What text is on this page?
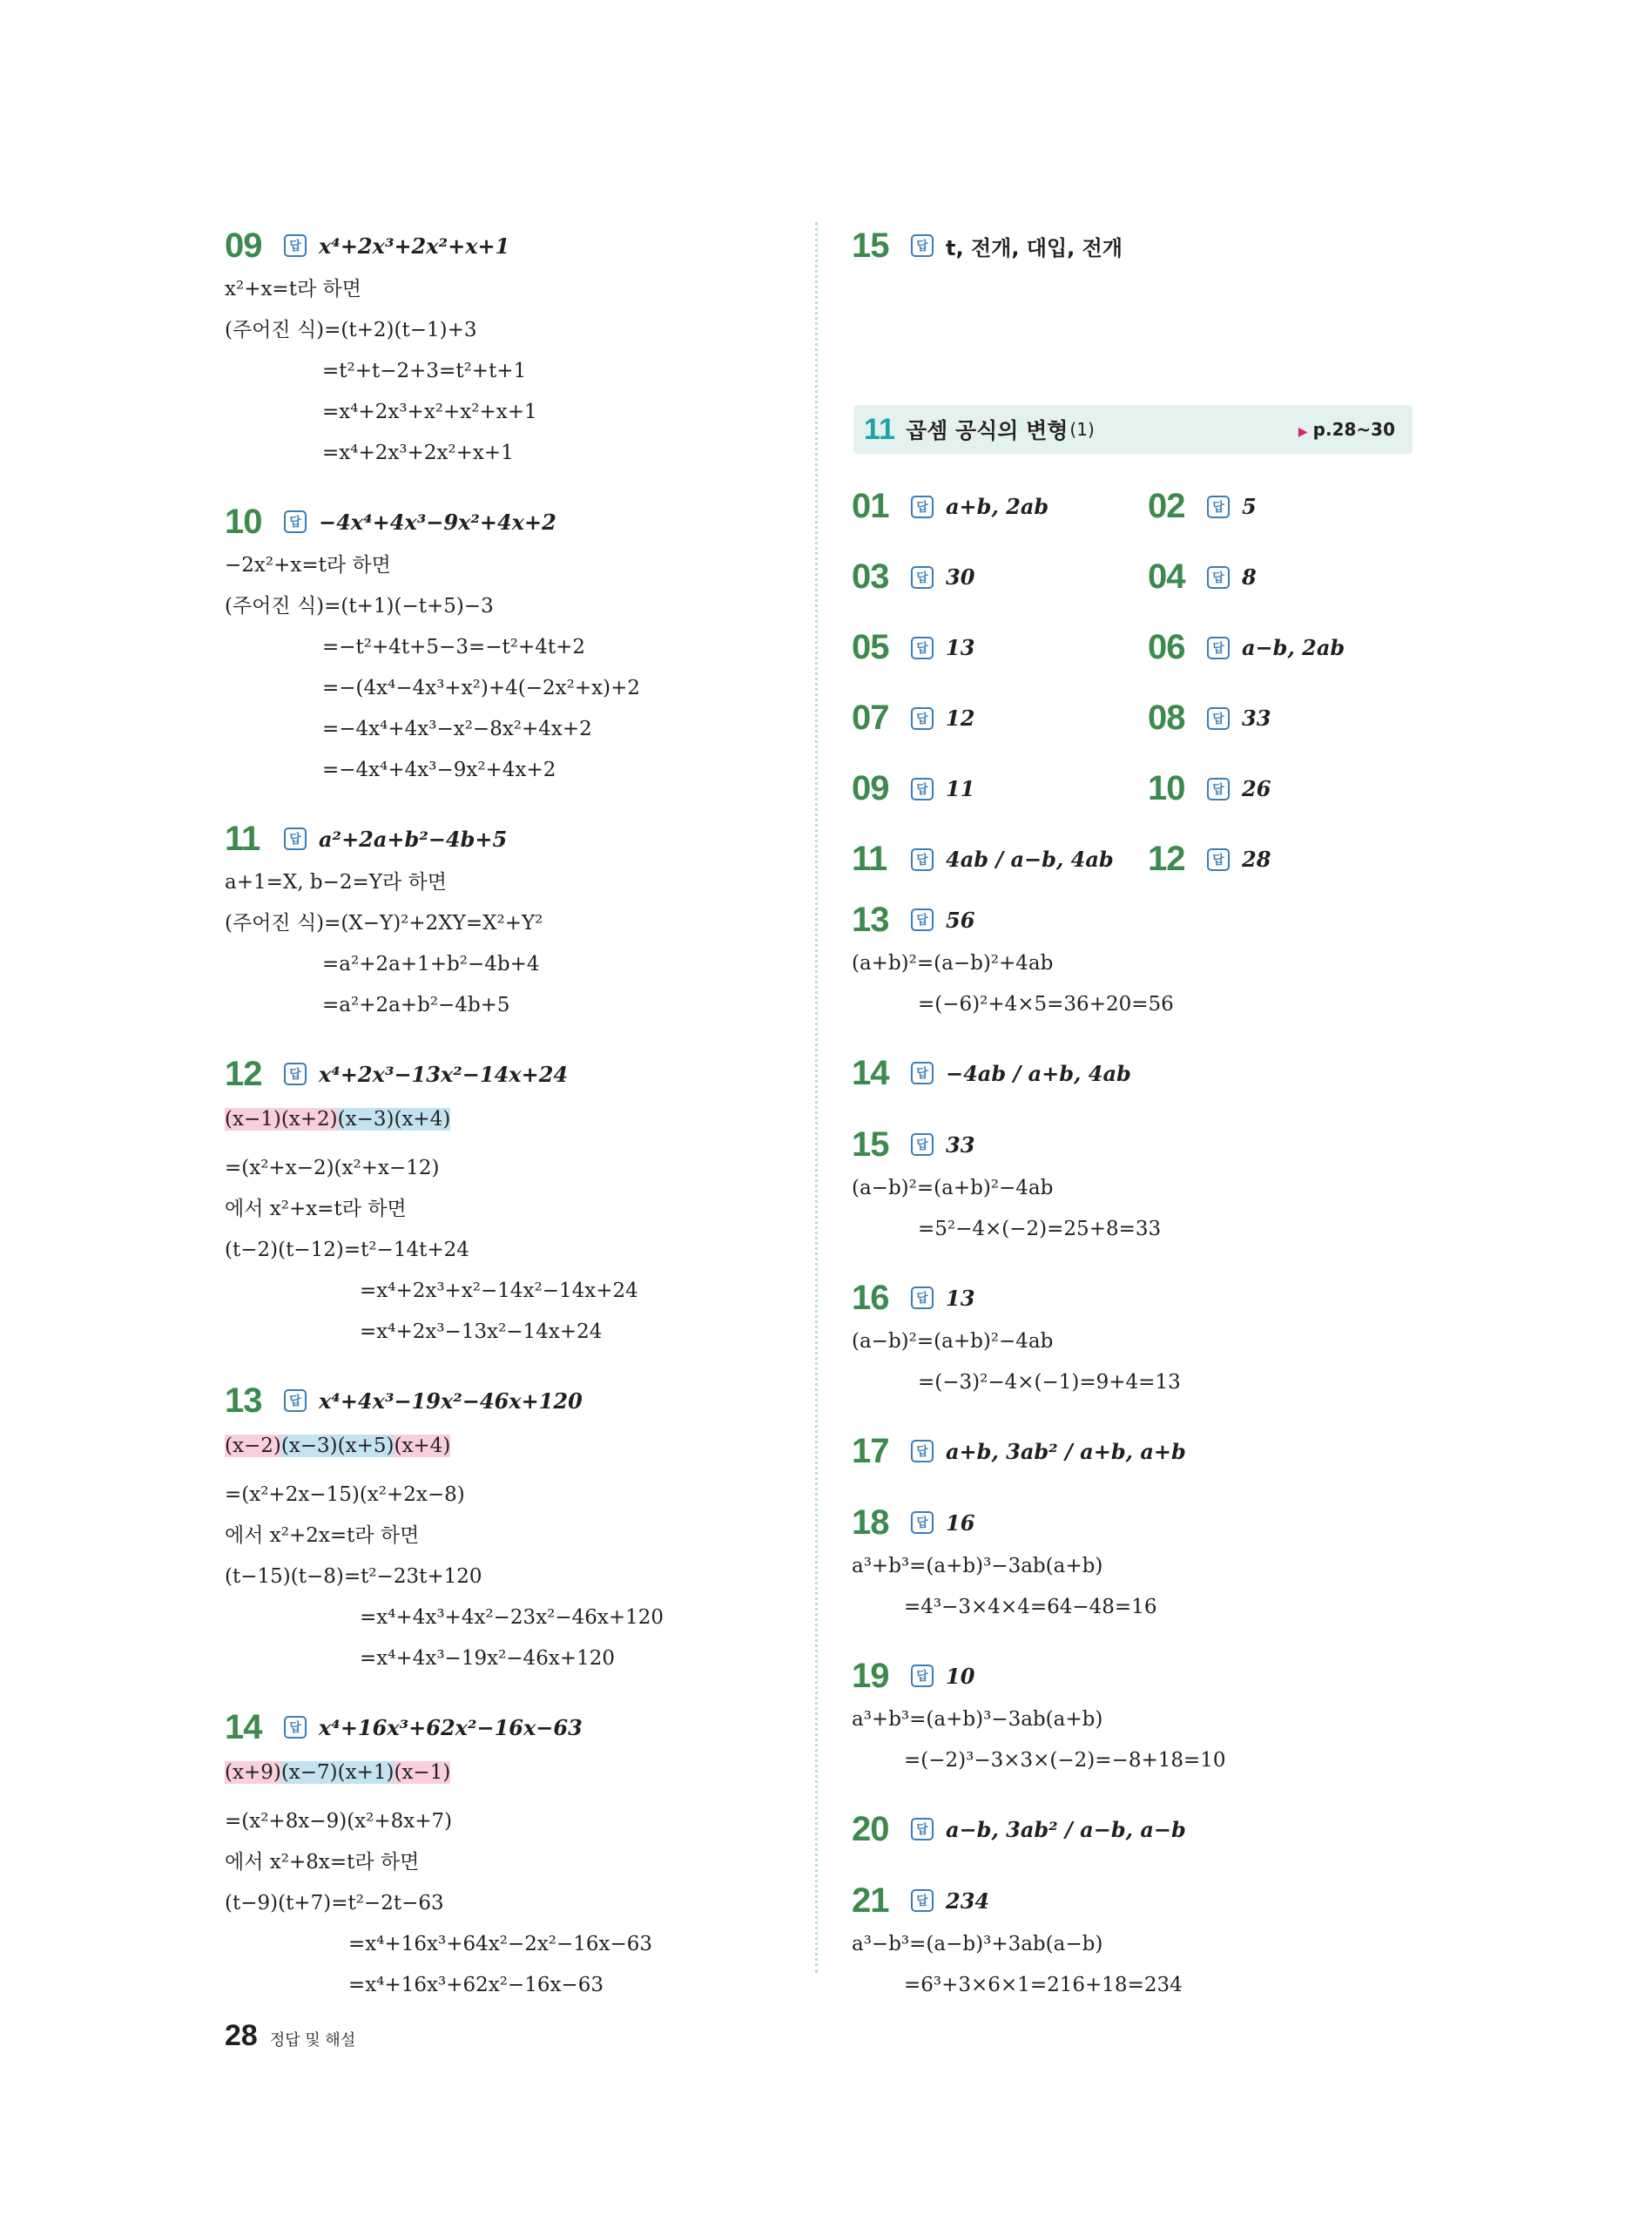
09	답 x⁴+2x³+2x²+x+1
x²+x=t라 하면
(주어진 식)=(t+2)(t−1)+3
=t²+t−2+3=t²+t+1
=x⁴+2x³+x²+x²+x+1
=x⁴+2x³+2x²+x+1
10	답 −4x⁴+4x³−9x²+4x+2
−2x²+x=t라 하면
(주어진 식)=(t+1)(−t+5)−3
=−t²+4t+5−3=−t²+4t+2
=−(4x⁴−4x³+x²)+4(−2x²+x)+2
=−4x⁴+4x³−x²−8x²+4x+2
=−4x⁴+4x³−9x²+4x+2
11	답 a²+2a+b²−4b+5
a+1=X, b−2=Y라 하면
(주어진 식)=(X−Y)²+2XY=X²+Y²
=a²+2a+1+b²−4b+4
=a²+2a+b²−4b+5
12	답 x⁴+2x³−13x²−14x+24
(x−1)(x+2)(x−3)(x+4)
=(x²+x−2)(x²+x−12)
에서 x²+x=t라 하면
(t−2)(t−12)=t²−14t+24
=x⁴+2x³+x²−14x²−14x+24
=x⁴+2x³−13x²−14x+24
13	답 x⁴+4x³−19x²−46x+120
(x−2)(x−3)(x+5)(x+4)
=(x²+2x−15)(x²+2x−8)
에서 x²+2x=t라 하면
(t−15)(t−8)=t²−23t+120
=x⁴+4x³+4x²−23x²−46x+120
=x⁴+4x³−19x²−46x+120
14	답 x⁴+16x³+62x²−16x−63
(x+9)(x−7)(x+1)(x−1)
=(x²+8x−9)(x²+8x+7)
에서 x²+8x=t라 하면
(t−9)(t+7)=t²−2t−63
=x⁴+16x³+64x²−2x²−16x−63
=x⁴+16x³+62x²−16x−63
15	답 t, 전개, 대입, 전개
11 곱셈 공식의 변형 (1)	▶ p.28~30
01	답 a+b, 2ab	02	답 5
03	답 30	04	답 8
05	답 13	06	답 a−b, 2ab
07	답 12	08	답 33
09	답 11	10	답 26
11	답 4ab / a−b, 4ab 12	답 28
13	답 56
(a+b)²=(a−b)²+4ab
=(−6)²+4×5=36+20=56
14	답 −4ab / a+b, 4ab
15	답 33
(a−b)²=(a+b)²−4ab
=5²−4×(−2)=25+8=33
16	답 13
(a−b)²=(a+b)²−4ab
=(−3)²−4×(−1)=9+4=13
17	답 a+b, 3ab² / a+b, a+b
18	답 16
a³+b³=(a+b)³−3ab(a+b)
=4³−3×4×4=64−48=16
19	답 10
a³+b³=(a+b)³−3ab(a+b)
=(−2)³−3×3×(−2)=−8+18=10
20	답 a−b, 3ab² / a−b, a−b
21	답 234
a³−b³=(a−b)³+3ab(a−b)
=6³+3×6×1=216+18=234
28 정답 및 해설
